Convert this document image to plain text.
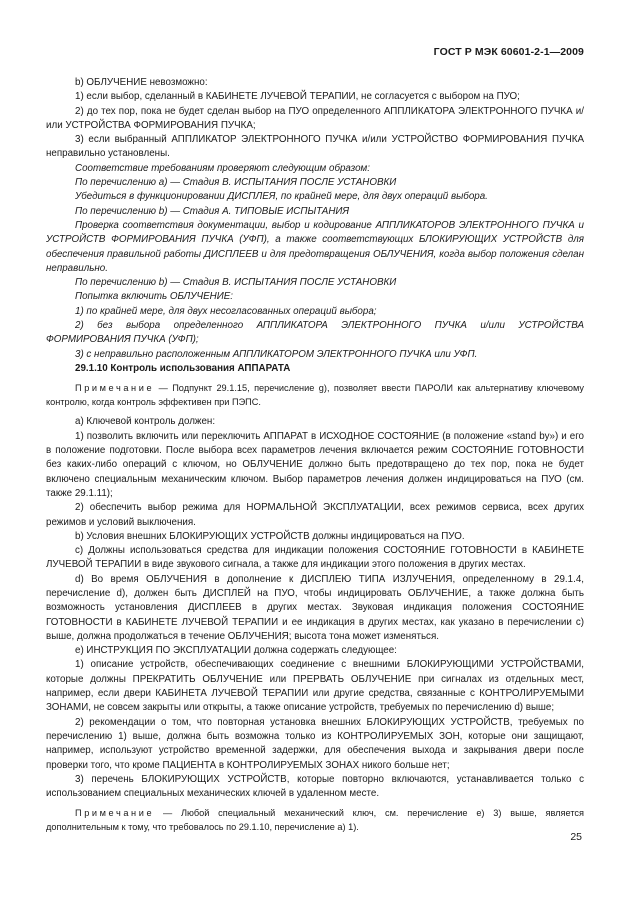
ГОСТ Р МЭК 60601-2-1—2009

b) ОБЛУЧЕНИЕ невозможно:

1) если выбор, сделанный в КАБИНЕТЕ ЛУЧЕВОЙ ТЕРАПИИ, не согласуется с выбором на ПУО;

2) до тех пор, пока не будет сделан выбор на ПУО определенного АППЛИКАТОРА ЭЛЕКТРОННОГО ПУЧКА и/или УСТРОЙСТВА ФОРМИРОВАНИЯ ПУЧКА;

3) если выбранный АППЛИКАТОР ЭЛЕКТРОННОГО ПУЧКА и/или УСТРОЙСТВО ФОРМИРОВАНИЯ ПУЧКА неправильно установлены.

Соответствие требованиям проверяют следующим образом:

По перечислению а) — Стадия В. ИСПЫТАНИЯ ПОСЛЕ УСТАНОВКИ

Убедиться в функционировании ДИСПЛЕЯ, по крайней мере, для двух операций выбора.

По перечислению b) — Стадия А. ТИПОВЫЕ ИСПЫТАНИЯ

Проверка соответствия документации, выбор и кодирование АППЛИКАТОРОВ ЭЛЕКТРОННОГО ПУЧКА и УСТРОЙСТВ ФОРМИРОВАНИЯ ПУЧКА (УФП), а также соответствующих БЛОКИРУЮЩИХ УСТРОЙСТВ для обеспечения правильной работы ДИСПЛЕЕВ и для предотвращения ОБЛУЧЕНИЯ, когда выбор положения сделан неправильно.

По перечислению b) — Стадия В. ИСПЫТАНИЯ ПОСЛЕ УСТАНОВКИ

Попытка включить ОБЛУЧЕНИЕ:

1) по крайней мере, для двух несогласованных операций выбора;

2) без выбора определенного АППЛИКАТОРА ЭЛЕКТРОННОГО ПУЧКА и/или УСТРОЙСТВА ФОРМИРОВАНИЯ ПУЧКА (УФП);

3) с неправильно расположенным АППЛИКАТОРОМ ЭЛЕКТРОННОГО ПУЧКА или УФП.

29.1.10 Контроль использования АППАРАТА

Примечание — Подпункт 29.1.15, перечисление g), позволяет ввести ПАРОЛИ как альтернативу ключевому контролю, когда контроль эффективен при ПЭПС.

a) Ключевой контроль должен:

1) позволить включить или переключить АППАРАТ в ИСХОДНОЕ СОСТОЯНИЕ (в положение «stand by») и его в положение подготовки. После выбора всех параметров лечения включается режим СОСТОЯНИЕ ГОТОВНОСТИ без каких-либо операций с ключом, но ОБЛУЧЕНИЕ должно быть предотвращено до тех пор, пока не будет включено специальным механическим ключом. Выбор параметров лечения должен индицироваться на ПУО (см. также 29.1.11);

2) обеспечить выбор режима для НОРМАЛЬНОЙ ЭКСПЛУАТАЦИИ, всех режимов сервиса, всех других режимов и условий выключения.

b) Условия внешних БЛОКИРУЮЩИХ УСТРОЙСТВ должны индицироваться на ПУО.

c) Должны использоваться средства для индикации положения СОСТОЯНИЕ ГОТОВНОСТИ в КАБИНЕТЕ ЛУЧЕВОЙ ТЕРАПИИ в виде звукового сигнала, а также для индикации этого положения в других местах.

d) Во время ОБЛУЧЕНИЯ в дополнение к ДИСПЛЕЮ ТИПА ИЗЛУЧЕНИЯ, определенному в 29.1.4, перечисление d), должен быть ДИСПЛЕЙ на ПУО, чтобы индицировать ОБЛУЧЕНИЕ, а также должна быть возможность установления ДИСПЛЕЕВ в других местах. Звуковая индикация положения СОСТОЯНИЕ ГОТОВНОСТИ в КАБИНЕТЕ ЛУЧЕВОЙ ТЕРАПИИ и ее индикация в других местах, как указано в перечислении c) выше, должна продолжаться в течение ОБЛУЧЕНИЯ; высота тона может изменяться.

e) ИНСТРУКЦИЯ ПО ЭКСПЛУАТАЦИИ должна содержать следующее:

1) описание устройств, обеспечивающих соединение с внешними БЛОКИРУЮЩИМИ УСТРОЙСТВАМИ, которые должны ПРЕКРАТИТЬ ОБЛУЧЕНИЕ или ПРЕРВАТЬ ОБЛУЧЕНИЕ при сигналах из отдельных мест, например, если двери КАБИНЕТА ЛУЧЕВОЙ ТЕРАПИИ или другие средства, связанные с КОНТРОЛИРУЕМЫМИ ЗОНАМИ, не совсем закрыты или открыты, а также описание устройств, требуемых по перечислению d) выше;

2) рекомендации о том, что повторная установка внешних БЛОКИРУЮЩИХ УСТРОЙСТВ, требуемых по перечислению 1) выше, должна быть возможна только из КОНТРОЛИРУЕМЫХ ЗОН, которые они защищают, например, используют устройство временной задержки, для обеспечения выхода и закрывания двери после проверки того, что кроме ПАЦИЕНТА в КОНТРОЛИРУЕМЫХ ЗОНАХ никого больше нет;

3) перечень БЛОКИРУЮЩИХ УСТРОЙСТВ, которые повторно включаются, устанавливается только с использованием специальных механических ключей в удаленном месте.

Примечание — Любой специальный механический ключ, см. перечисление e) 3) выше, является дополнительным к тому, что требовалось по 29.1.10, перечисление a) 1).

25
